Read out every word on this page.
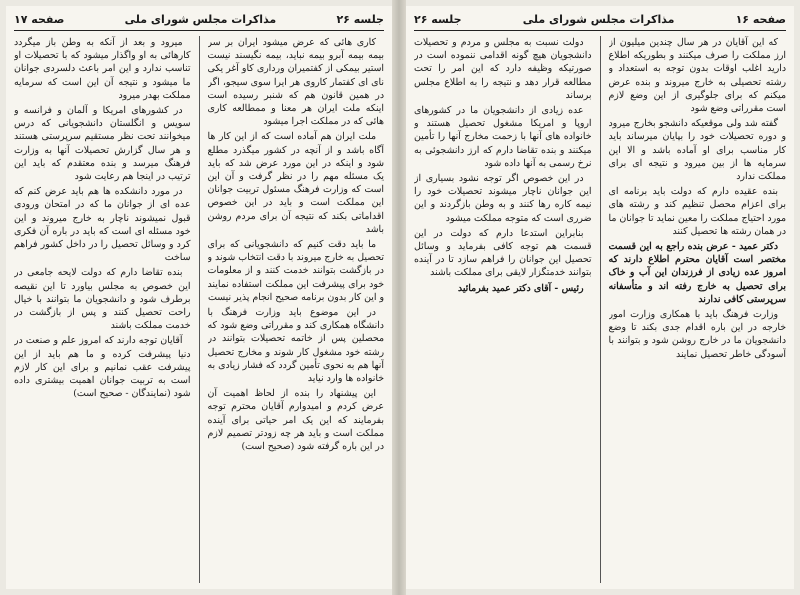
جلسه ۲۶
مذاکرات مجلس شورای ملی
صفحه ۱۷

کاری هائی که عرض میشود ایران بر سر بیمه بیمه آبرو بیمه نباید، بیمه نگیسند نیست استیر بیمکی از کفتمیران ورداری کاو آغر یکی نای ای کفتمار کاروی هر ایرا سوی سیجو، اگر در همین قانون هم که شنبر رسیده است اینکه ملت ایران هر معنا و ممطالعه کاری هائی که در مملکت اجرا میشود

ملت ایران هم آماده است که از این کار ها آگاه باشد و از آنچه در کشور میگذرد مطلع شود و اینکه در این مورد عرض شد که باید یک مسئله مهم را در نظر گرفت و آن این است که وزارت فرهنگ مسئول تربیت جوانان این مملکت است و باید در این خصوص اقداماتی بکند که نتیجه آن برای مردم روشن باشد

ما باید دقت کنیم که دانشجویانی که برای تحصیل به خارج میروند با دقت انتخاب شوند و در بازگشت بتوانند خدمت کنند و از معلومات خود برای پیشرفت این مملکت استفاده نمایند و این کار بدون برنامه صحیح انجام پذیر نیست

در این موضوع باید وزارت فرهنگ با دانشگاه همکاری کند و مقرراتی وضع شود که محصلین پس از خاتمه تحصیلات بتوانند در رشته خود مشغول کار شوند و مخارج تحصیل آنها هم به نحوی تأمین گردد که فشار زیادی به خانواده ها وارد نیاید

این پیشنهاد را بنده از لحاظ اهمیت آن عرض کردم و امیدوارم آقایان محترم توجه بفرمایند که این یک امر حیاتی برای آینده مملکت است و باید هر چه زودتر تصمیم لازم در این باره گرفته شود (صحیح است)

میرود و بعد از آنکه به وطن باز میگردد کارهائی به او واگذار میشود که با تحصیلات او تناسب ندارد و این امر باعث دلسردی جوانان ما میشود و نتیجه آن این است که سرمایه مملکت بهدر میرود

در کشورهای امریکا و آلمان و فرانسه و سویس و انگلستان دانشجویانی که درس میخوانند تحت نظر مستقیم سرپرستی هستند و هر سال گزارش تحصیلات آنها به وزارت فرهنگ میرسد و بنده معتقدم که باید این ترتیب در اینجا هم رعایت شود

در مورد دانشکده ها هم باید عرض کنم که عده ای از جوانان ما که در امتحان ورودی قبول نمیشوند ناچار به خارج میروند و این خود مسئله ای است که باید در باره آن فکری کرد و وسائل تحصیل را در داخل کشور فراهم ساخت

بنده تقاضا دارم که دولت لایحه جامعی در این خصوص به مجلس بیاورد تا این نقیصه برطرف شود و دانشجویان ما بتوانند با خیال راحت تحصیل کنند و پس از بازگشت در خدمت مملکت باشند

آقایان توجه دارند که امروز علم و صنعت در دنیا پیشرفت کرده و ما هم باید از این پیشرفت عقب نمانیم و برای این کار لازم است به تربیت جوانان اهمیت بیشتری داده شود (نمایندگان - صحیح است)

صفحه ۱۶
مذاکرات مجلس شورای ملی
جلسه ۲۶

که این آقایان در هر سال چندین میلیون از ارز مملکت را صرف میکنند و بطوریکه اطلاع دارید اغلب اوقات بدون توجه به استعداد و رشته تحصیلی به خارج میروند و بنده عرض میکنم که برای جلوگیری از این وضع لازم است مقرراتی وضع شود

گفته شد ولی موقعیکه دانشجو بخارج میرود و دوره تحصیلات خود را بپایان میرساند باید کار مناسب برای او آماده باشد و الا این سرمایه ها از بین میرود و نتیجه ای برای مملکت ندارد

بنده عقیده دارم که دولت باید برنامه ای برای اعزام محصل تنظیم کند و رشته های مورد احتیاج مملکت را معین نماید تا جوانان ما در همان رشته ها تحصیل کنند

دکتر عمید - عرض بنده راجع به این قسمت مختصر است آقایان محترم اطلاع دارند که امروز عده زیادی از فرزندان این آب و خاک برای تحصیل به خارج رفته اند و متأسفانه سرپرستی کافی ندارند

وزارت فرهنگ باید با همکاری وزارت امور خارجه در این باره اقدام جدی بکند تا وضع دانشجویان ما در خارج روشن شود و بتوانند با آسودگی خاطر تحصیل نمایند

دولت نسبت به مجلس و مردم و تحصیلات دانشجویان هیچ گونه اقدامی ننموده است در صورتیکه وظیفه دارد که این امر را تحت مطالعه قرار دهد و نتیجه را به اطلاع مجلس برساند

عده زیادی از دانشجویان ما در کشورهای اروپا و امریکا مشغول تحصیل هستند و خانواده های آنها با زحمت مخارج آنها را تأمین میکنند و بنده تقاضا دارم که ارز دانشجوئی به نرخ رسمی به آنها داده شود

در این خصوص اگر توجه نشود بسیاری از این جوانان ناچار میشوند تحصیلات خود را نیمه کاره رها کنند و به وطن بازگردند و این ضرری است که متوجه مملکت میشود

بنابراین استدعا دارم که دولت در این قسمت هم توجه کافی بفرماید و وسائل تحصیل این جوانان را فراهم سازد تا در آینده بتوانند خدمتگزار لایقی برای مملکت باشند

رئیس - آقای دکتر عمید بفرمائید
